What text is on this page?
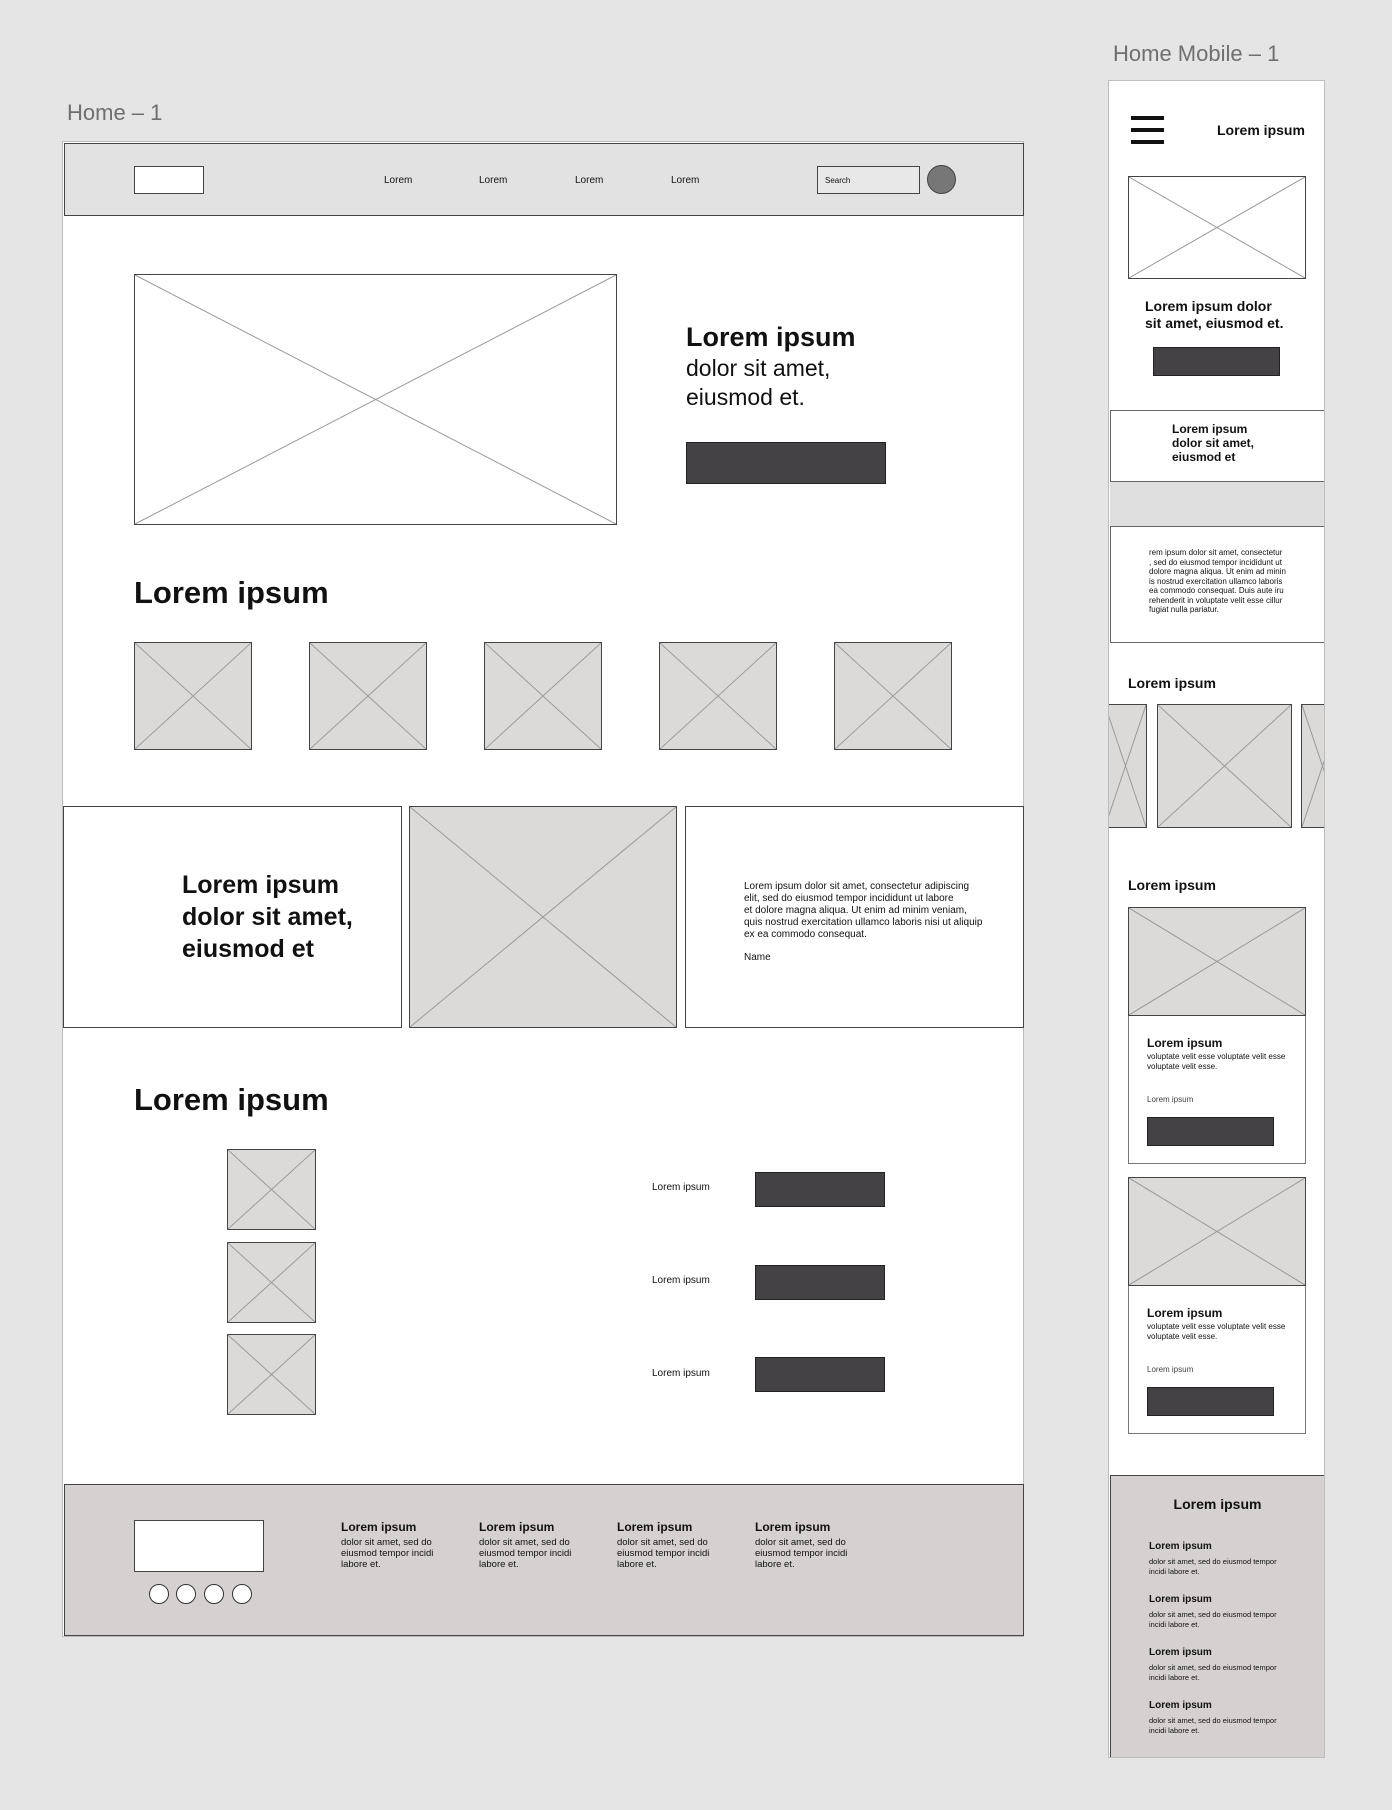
Home – 1
Home Mobile – 1
Lorem	Lorem	Lorem	Lorem	Search
Lorem ipsum
dolor sit amet,
eiusmod et.
Lorem ipsum
Lorem ipsum
dolor sit amet,
eiusmod et
Lorem ipsum dolor sit amet, consectetur adipiscing
elit, sed do eiusmod tempor incididunt ut labore
et dolore magna aliqua. Ut enim ad minim veniam,
quis nostrud exercitation ullamco laboris nisi ut aliquip
ex ea commodo consequat.
Name
Lorem ipsum
Lorem ipsum
Lorem ipsum
Lorem ipsum
Lorem ipsum
dolor sit amet, sed do
eiusmod tempor incidi
labore et.
Lorem ipsum
dolor sit amet, sed do
eiusmod tempor incidi
labore et.
Lorem ipsum
dolor sit amet, sed do
eiusmod tempor incidi
labore et.
Lorem ipsum
dolor sit amet, sed do
eiusmod tempor incidi
labore et.
Lorem ipsum
Lorem ipsum dolor
sit amet, eiusmod et.
Lorem ipsum
dolor sit amet,
eiusmod et
rem ipsum dolor sit amet, consectetur
, sed do eiusmod tempor incididunt ut
dolore magna aliqua. Ut enim ad minin
is nostrud exercitation ullamco laboris
ea commodo consequat. Duis aute iru
rehenderit in voluptate velit esse cillur
fugiat nulla pariatur.
Lorem ipsum
Lorem ipsum
Lorem ipsum
voluptate velit esse voluptate velit esse
voluptate velit esse.
Lorem ipsum
Lorem ipsum
voluptate velit esse voluptate velit esse
voluptate velit esse.
Lorem ipsum
Lorem ipsum
Lorem ipsum
dolor sit amet, sed do eiusmod tempor
incidi labore et.
Lorem ipsum
dolor sit amet, sed do eiusmod tempor
incidi labore et.
Lorem ipsum
dolor sit amet, sed do eiusmod tempor
incidi labore et.
Lorem ipsum
dolor sit amet, sed do eiusmod tempor
incidi labore et.
